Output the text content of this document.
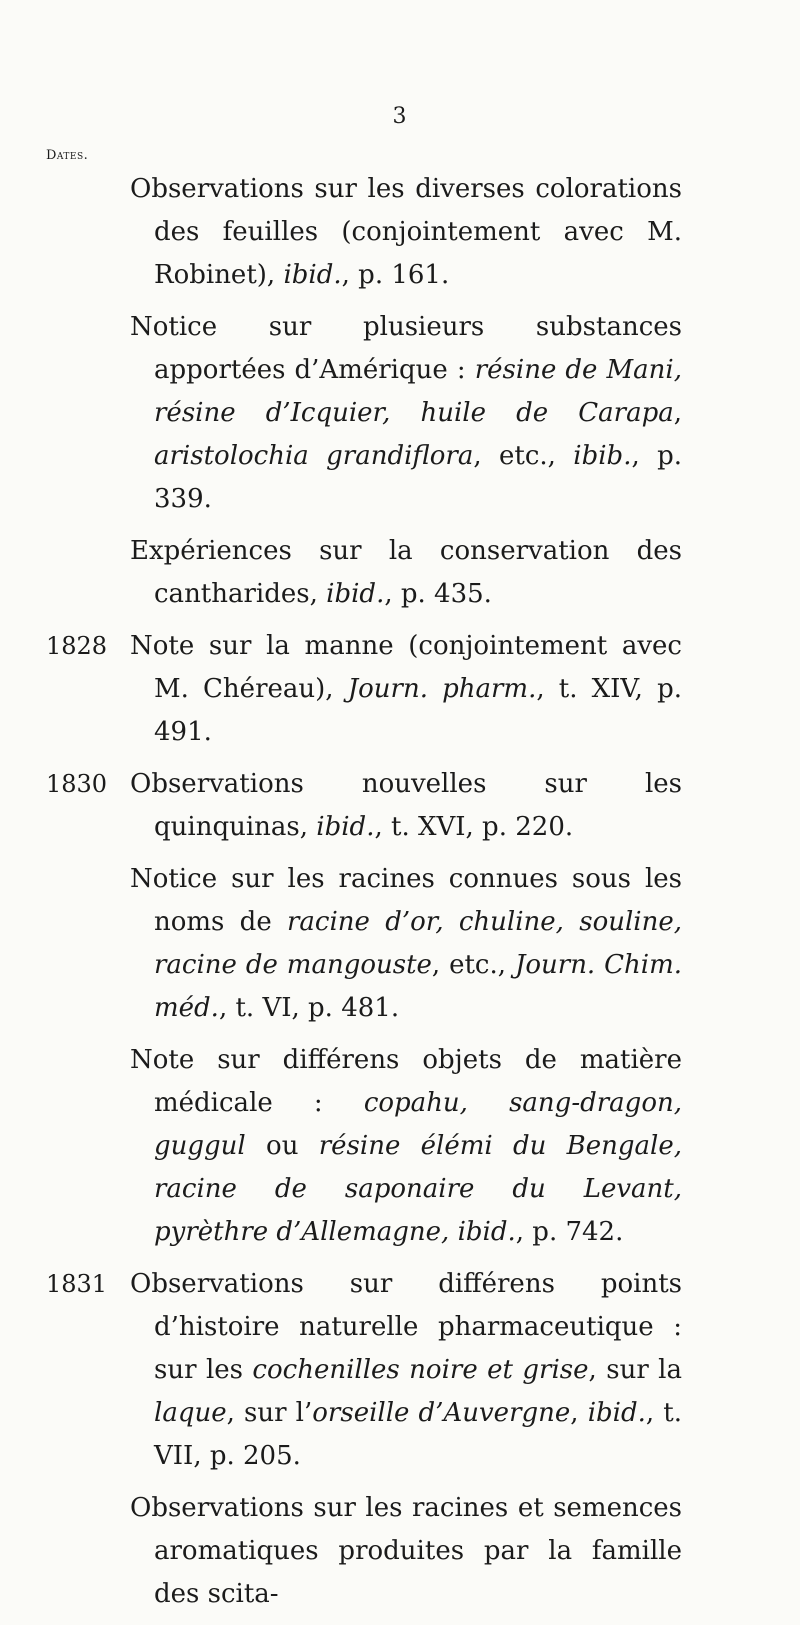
3
Dates.
Observations sur les diverses colorations des feuilles (conjointement avec M. Robinet), ibid., p. 161.
Notice sur plusieurs substances apportées d’Amérique : résine de Mani, résine d’Icquier, huile de Carapa, aristolochia grandiflora, etc., ibib., p. 339.
Expériences sur la conservation des cantharides, ibid., p. 435.
1828 Note sur la manne (conjointement avec M. Chéreau), Journ. pharm., t. XIV, p. 491.
1830 Observations nouvelles sur les quinquinas, ibid., t. XVI, p. 220.
Notice sur les racines connues sous les noms de racine d’or, chuline, souline, racine de mangouste, etc., Journ. Chim. méd., t. VI, p. 481.
Note sur différens objets de matière médicale : copahu, sang-dragon, guggul ou résine élémi du Bengale, racine de saponaire du Levant, pyrèthre d’Allemagne, ibid., p. 742.
1831 Observations sur différens points d’histoire naturelle pharmaceutique : sur les cochenilles noire et grise, sur la laque, sur l’orseille d’Auvergne, ibid., t. VII, p. 205.
Observations sur les racines et semences aromatiques produites par la famille des scita-
